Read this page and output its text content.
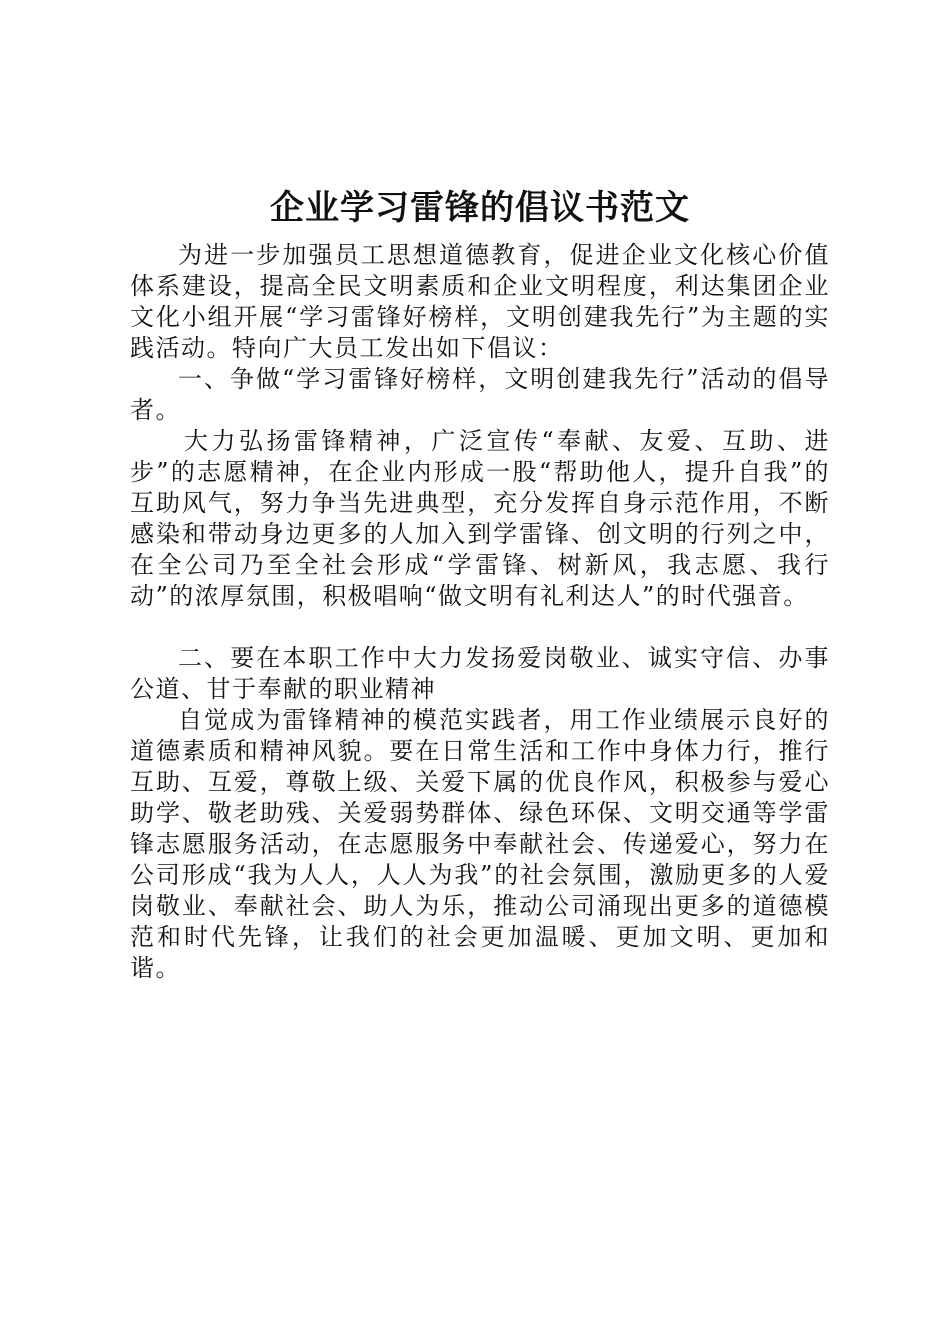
企业学习雷锋的倡议书范文

为进一步加强员工思想道德教育，促进企业文化核心价值体系建设，提高全民文明素质和企业文明程度，利达集团企业文化小组开展“学习雷锋好榜样，文明创建我先行”为主题的实践活动。特向广大员工发出如下倡议：

一、争做“学习雷锋好榜样，文明创建我先行”活动的倡导者。

大力弘扬雷锋精神，广泛宣传“奉献、友爱、互助、进步”的志愿精神，在企业内形成一股“帮助他人，提升自我”的互助风气，努力争当先进典型，充分发挥自身示范作用，不断感染和带动身边更多的人加入到学雷锋、创文明的行列之中，在全公司乃至全社会形成“学雷锋、树新风，我志愿、我行动”的浓厚氛围，积极唱响“做文明有礼利达人”的时代强音。

二、要在本职工作中大力发扬爱岗敬业、诚实守信、办事公道、甘于奉献的职业精神

自觉成为雷锋精神的模范实践者，用工作业绩展示良好的道德素质和精神风貌。要在日常生活和工作中身体力行，推行互助、互爱，尊敬上级、关爱下属的优良作风，积极参与爱心助学、敬老助残、关爱弱势群体、绿色环保、文明交通等学雷锋志愿服务活动，在志愿服务中奉献社会、传递爱心，努力在公司形成“我为人人，人人为我”的社会氛围，激励更多的人爱岗敬业、奉献社会、助人为乐，推动公司涌现出更多的道德模范和时代先锋，让我们的社会更加温暖、更加文明、更加和谐。
